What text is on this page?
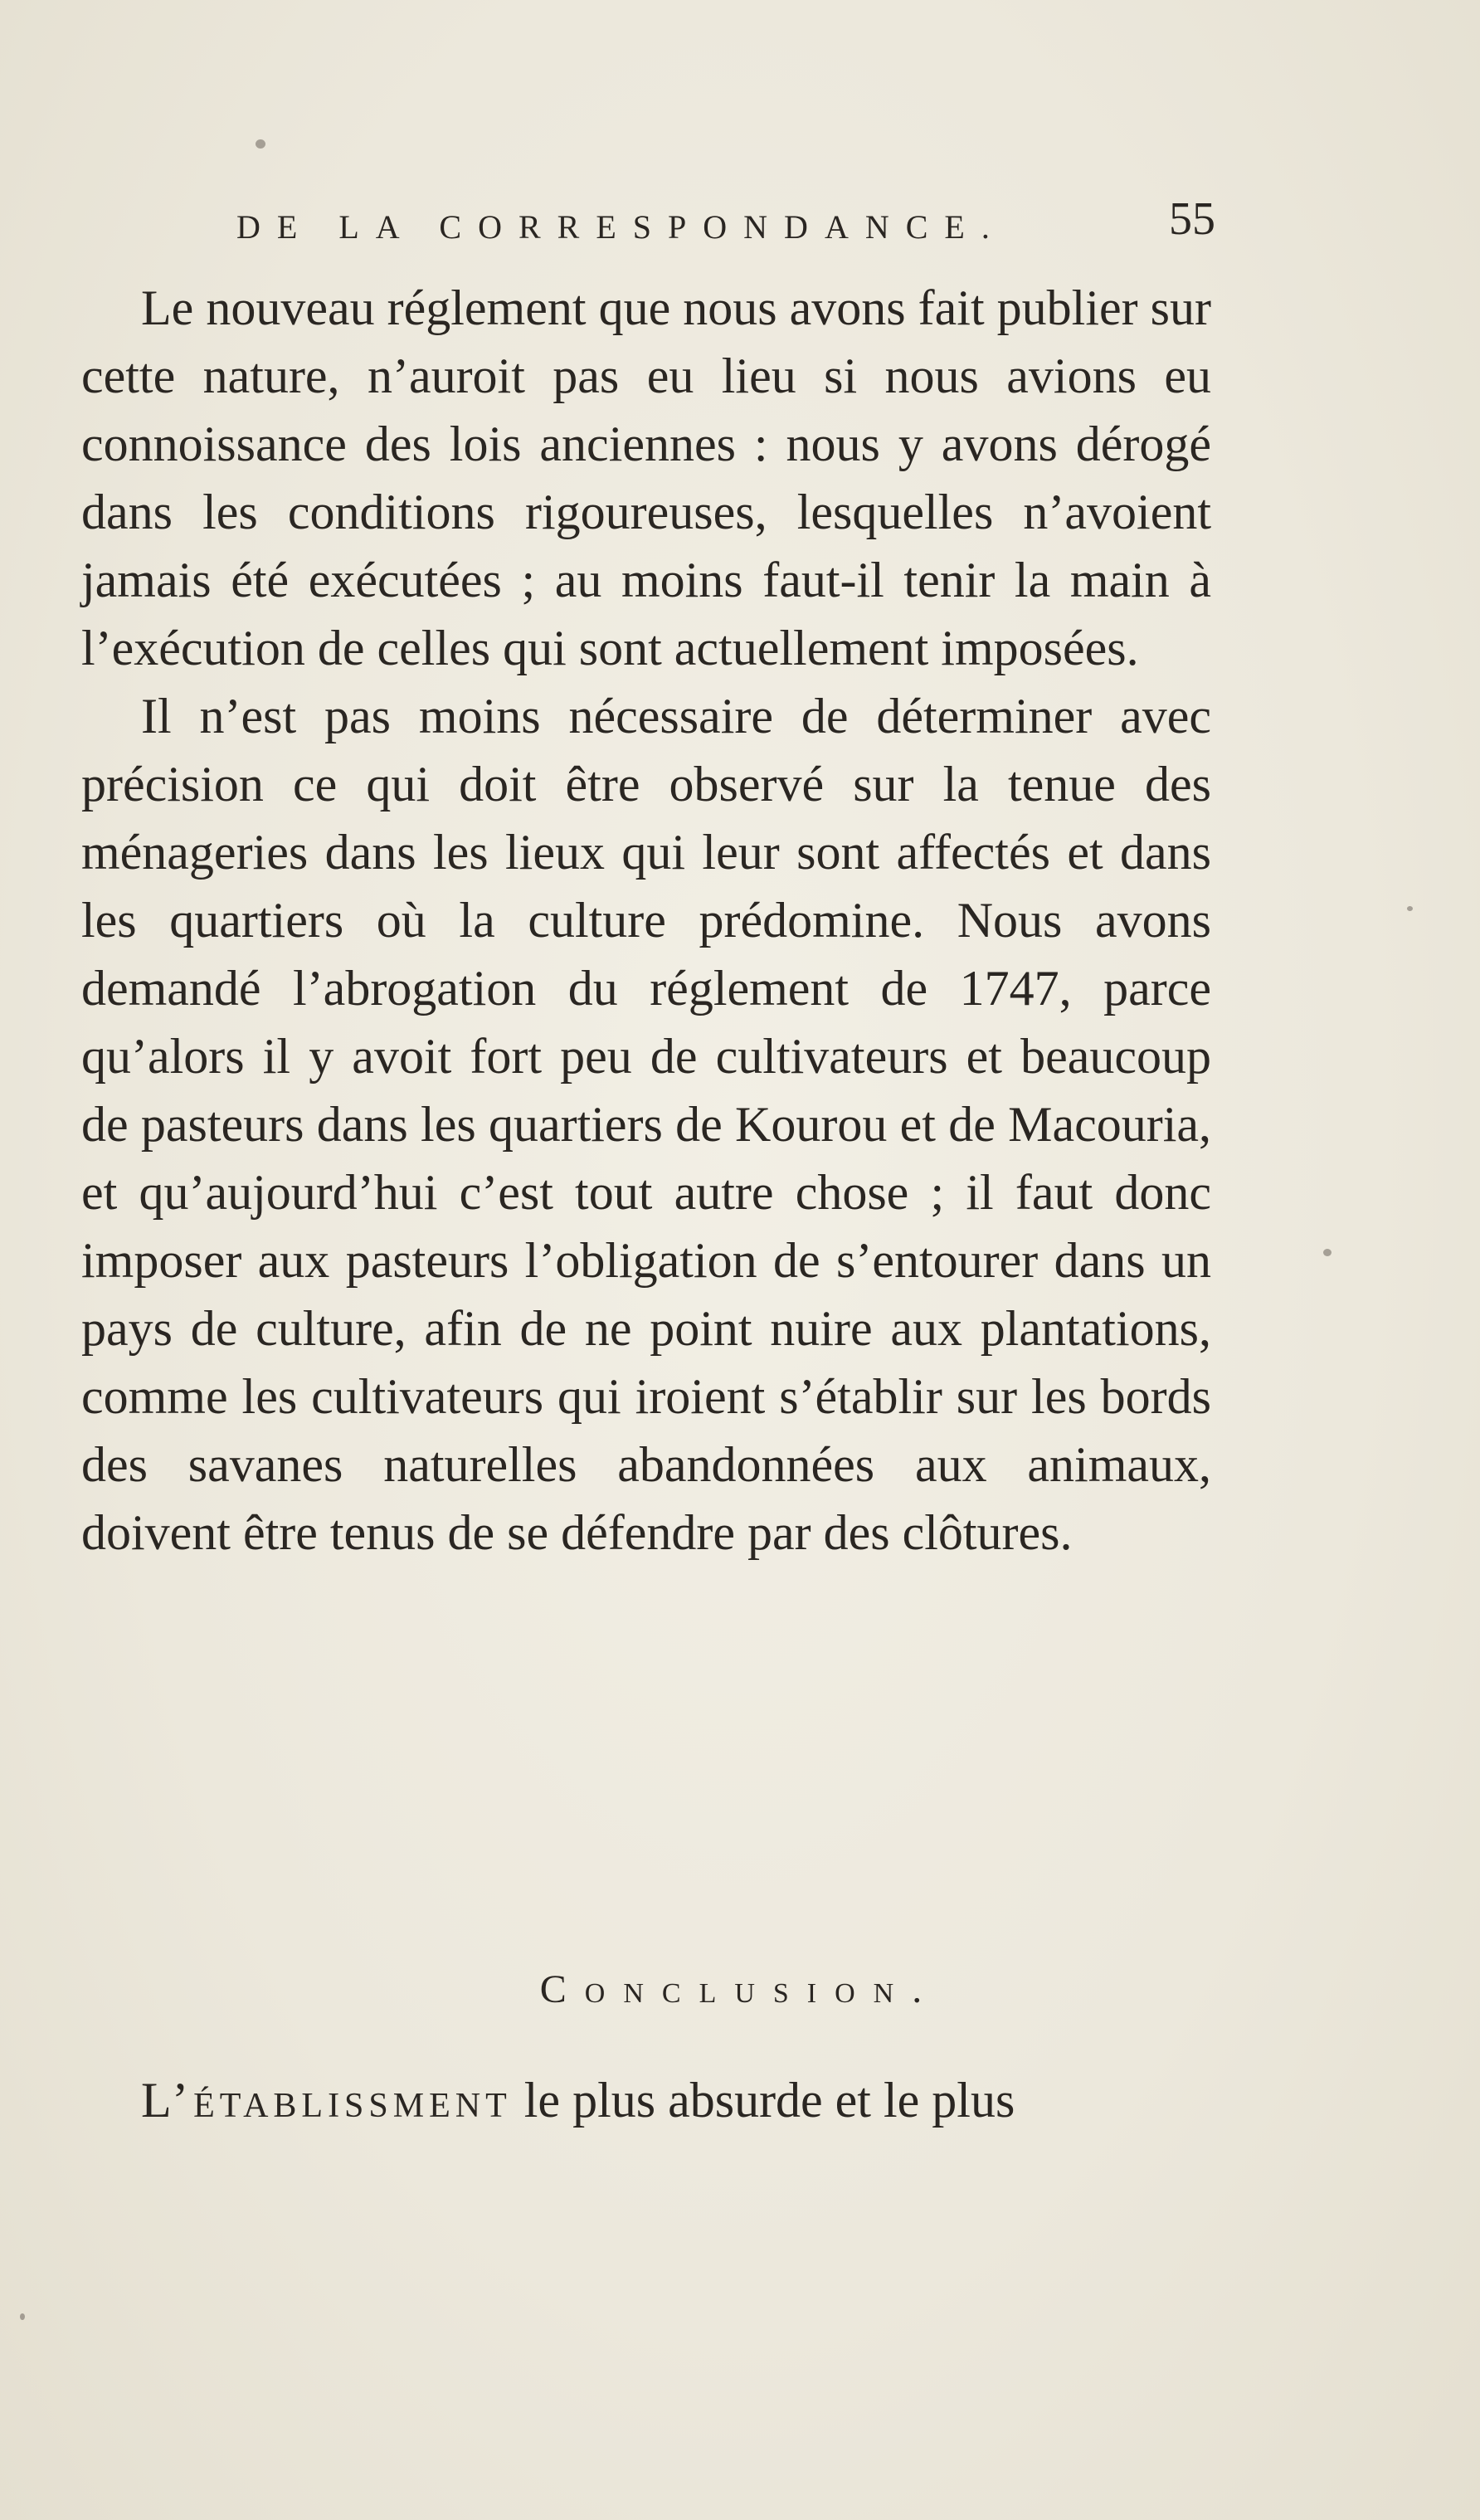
DE LA CORRESPONDANCE.	55

Le nouveau réglement que nous avons fait publier sur cette nature, n’auroit pas eu lieu si nous avions eu connoissance des lois anciennes : nous y avons dérogé dans les conditions rigoureuses, lesquelles n’avoient jamais été exécutées ; au moins faut-il tenir la main à l’exécution de celles qui sont actuellement imposées.

Il n’est pas moins nécessaire de déterminer avec précision ce qui doit être observé sur la tenue des ménageries dans les lieux qui leur sont affectés et dans les quartiers où la culture prédomine. Nous avons demandé l’abrogation du réglement de 1747, parce qu’alors il y avoit fort peu de cultivateurs et beaucoup de pasteurs dans les quartiers de Kourou et de Macouria, et qu’aujourd’hui c’est tout autre chose ; il faut donc imposer aux pasteurs l’obligation de s’entourer dans un pays de culture, afin de ne point nuire aux plantations, comme les cultivateurs qui iroient s’établir sur les bords des savanes naturelles abandonnées aux animaux, doivent être tenus de se défendre par des clôtures.

Conclusion.
L’établissment le plus absurde et le plus
